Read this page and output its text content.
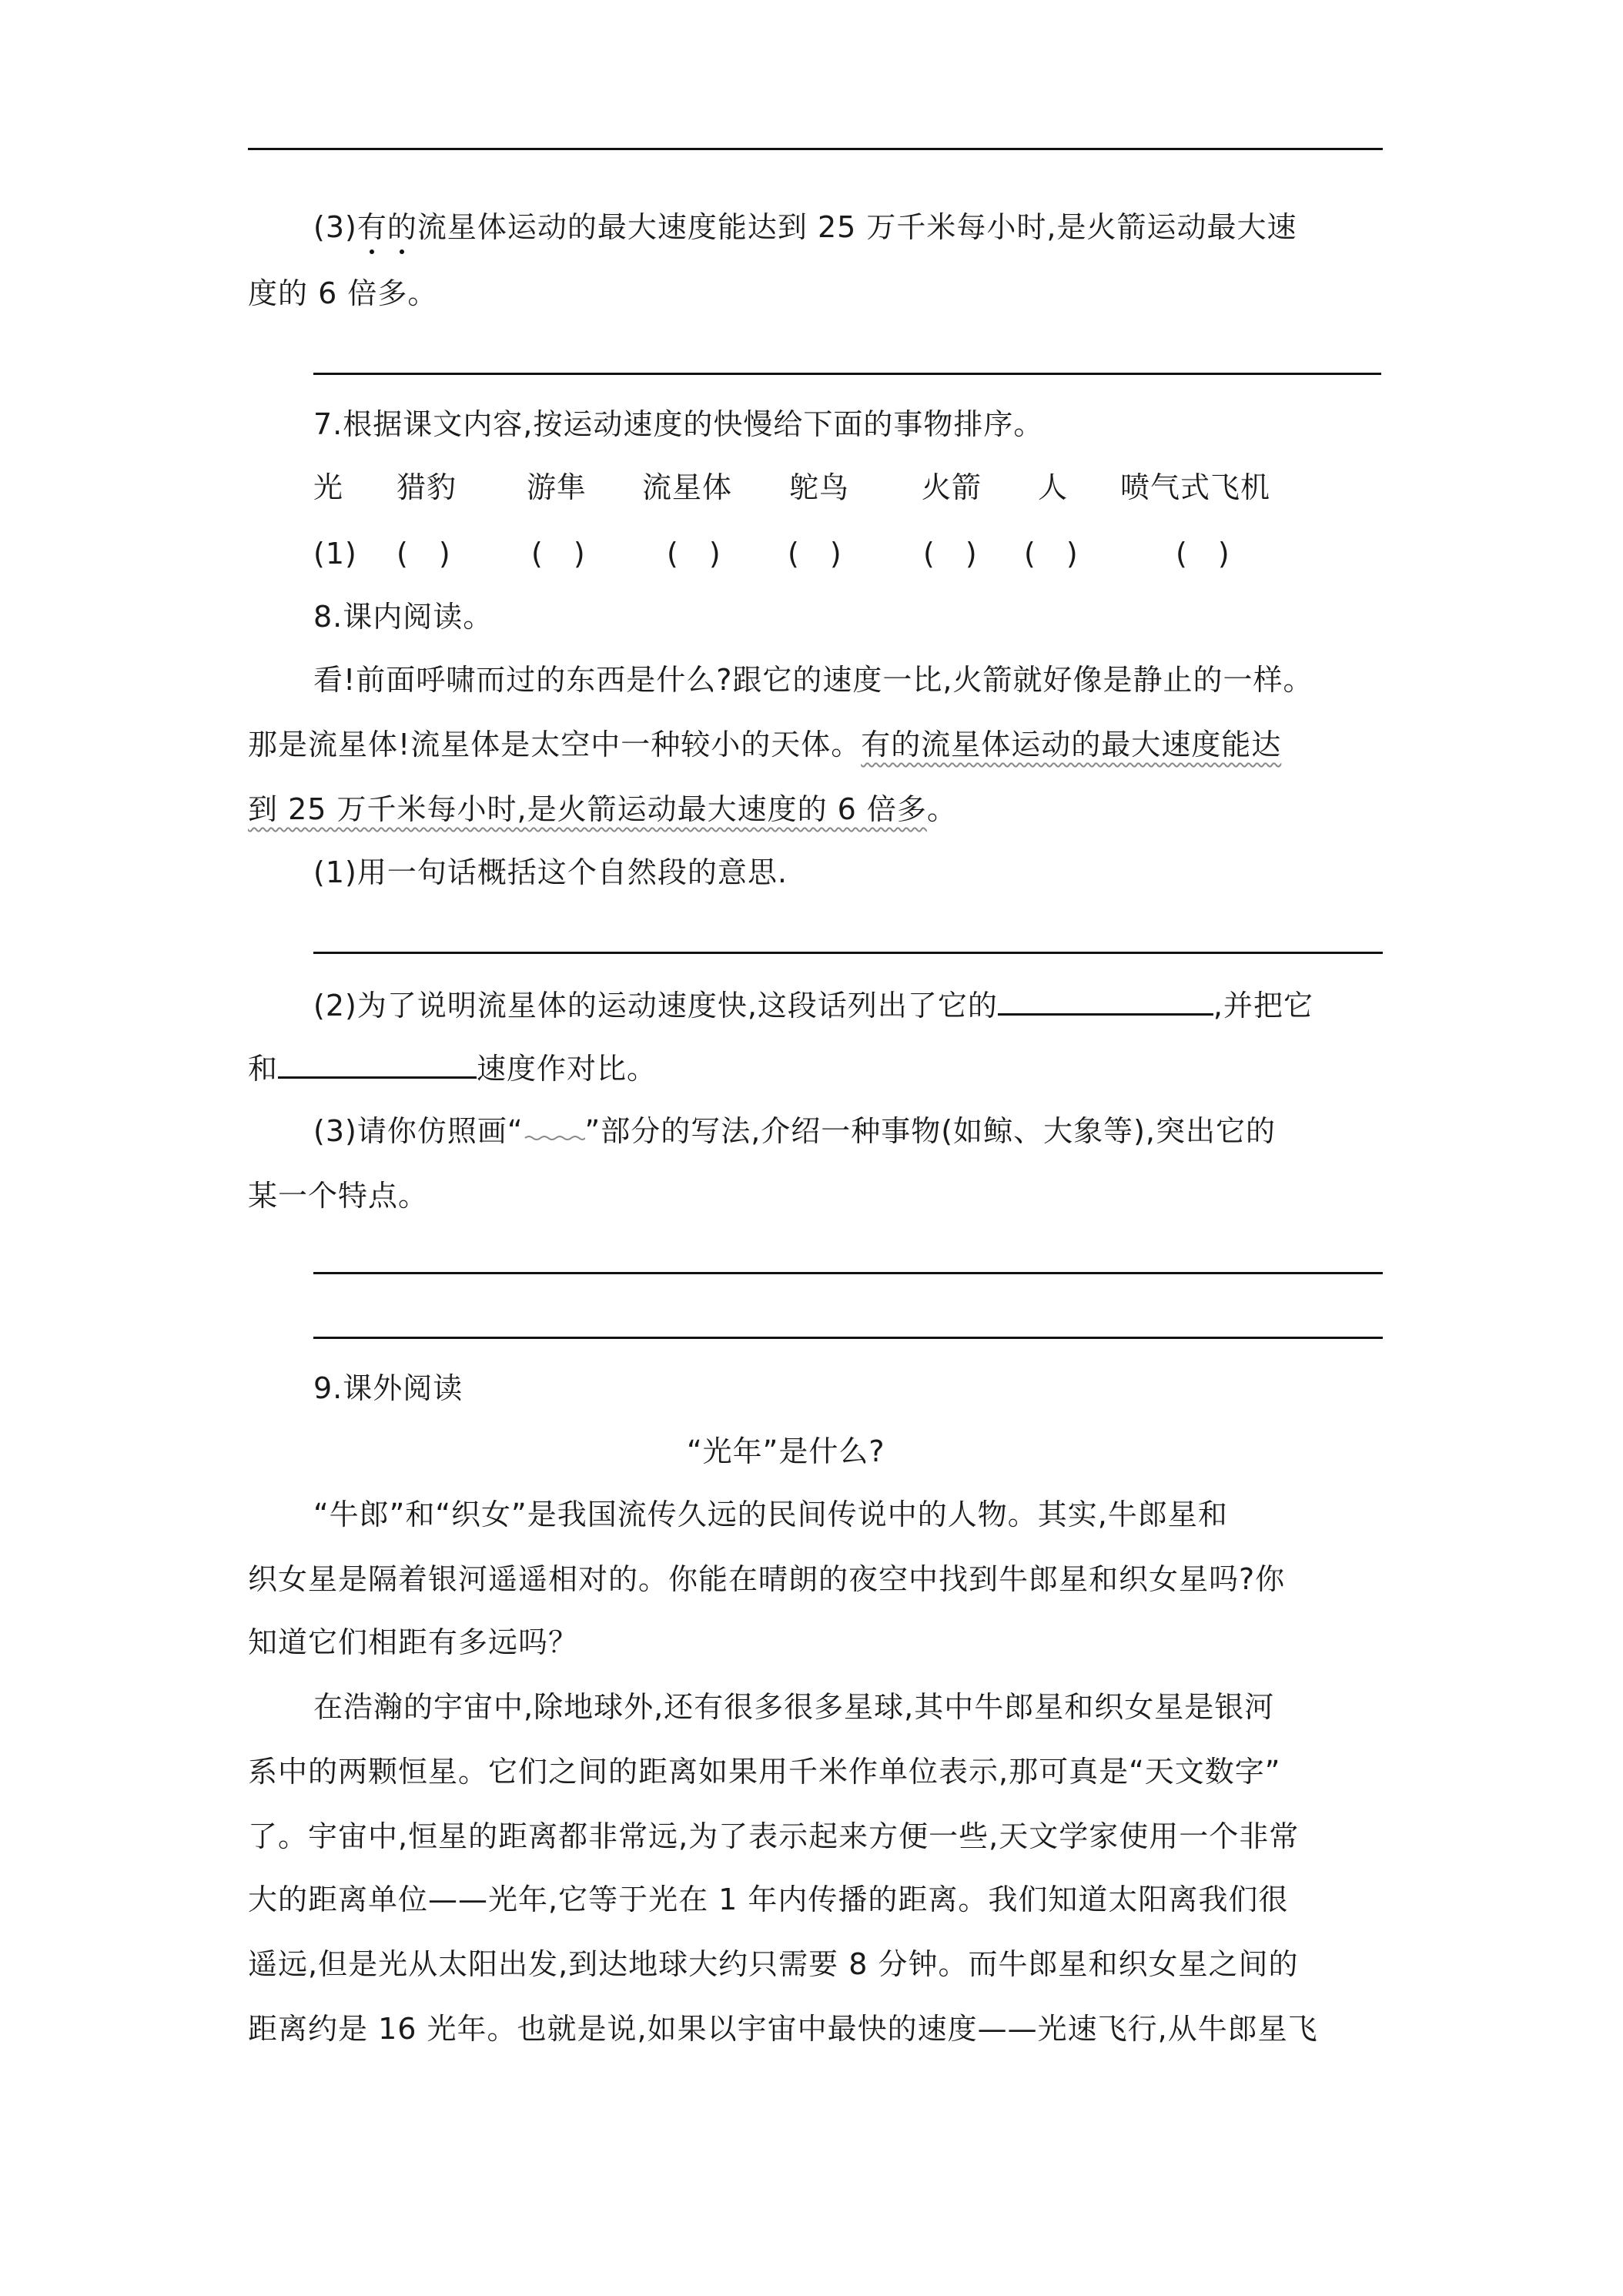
(3)有的流星体运动的最大速度能达到 25 万千米每小时,是火箭运动最大速
度的 6 倍多。
7.根据课文内容,按运动速度的快慢给下面的事物排序。
光 猎豹 游隼 流星体 鸵鸟 火箭 人 喷气式飞机
(1) ( )	( )	( ) ( )	( ) ( )	( )
8.课内阅读。
看!前面呼啸而过的东西是什么?跟它的速度一比,火箭就好像是静止的一样。
那是流星体!流星体是太空中一种较小的天体。有的流星体运动的最大速度能达
到 25 万千米每小时,是火箭运动最大速度的 6 倍多。
(1)用一句话概括这个自然段的意思.
(2)为了说明流星体的运动速度快,这段话列出了它的	,并把它
和	速度作对比。
(3)请你仿照画“ ”部分的写法,介绍一种事物(如鲸、大象等),突出它的
某一个特点。
9.课外阅读
“光年”是什么?
“牛郎”和“织女”是我国流传久远的民间传说中的人物。其实,牛郎星和
织女星是隔着银河遥遥相对的。你能在晴朗的夜空中找到牛郎星和织女星吗?你
知道它们相距有多远吗？
在浩瀚的宇宙中,除地球外,还有很多很多星球,其中牛郎星和织女星是银河
系中的两颗恒星。它们之间的距离如果用千米作单位表示,那可真是“天文数字”
了。宇宙中,恒星的距离都非常远,为了表示起来方便一些,天文学家使用一个非常
大的距离单位——光年,它等于光在 1 年内传播的距离。我们知道太阳离我们很
遥远,但是光从太阳出发,到达地球大约只需要 8 分钟。而牛郎星和织女星之间的
距离约是 16 光年。也就是说,如果以宇宙中最快的速度——光速飞行,从牛郎星飞
